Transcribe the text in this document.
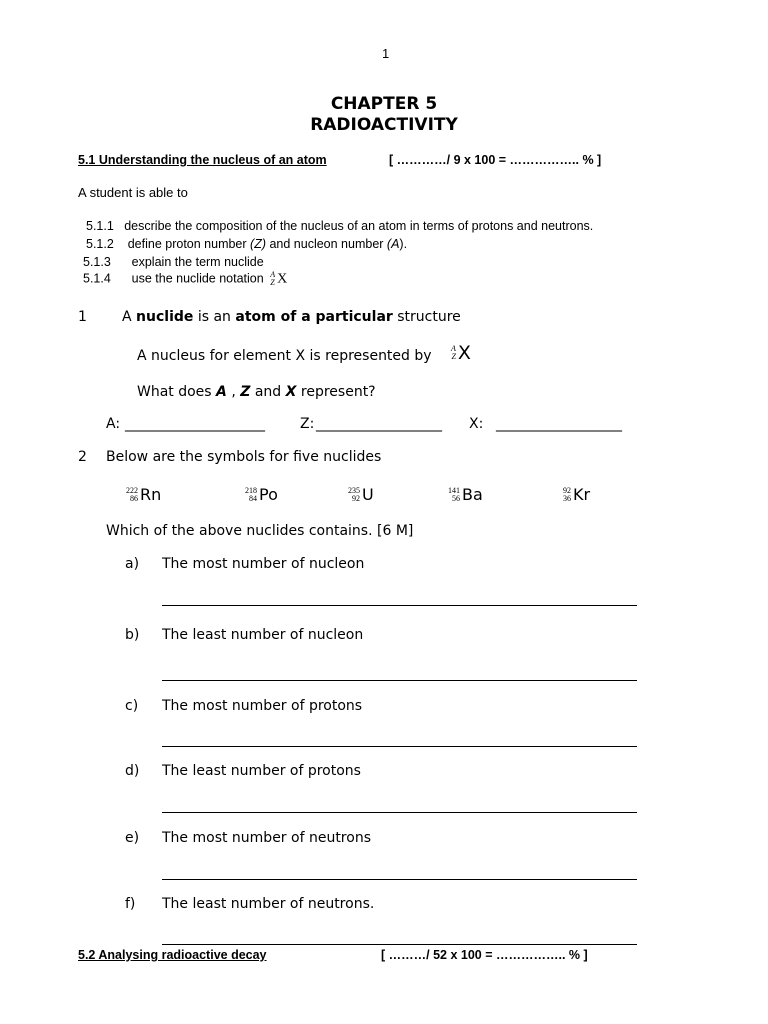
1
CHAPTER 5
RADIOACTIVITY
5.1 Understanding the nucleus of an atom	[ …………/ 9 x 100 = …………….. % ]
A student is able to
5.1.1 describe the composition of the nucleus of an atom in terms of protons and neutrons.
5.1.2 define proton number (Z) and nucleon number (A).
5.1.3 explain the term nuclide
5.1.4 use the nuclide notation A
Z X
1	A nuclide is an atom of a particular structure
A nucleus for element X is represented by A
Z X
What does A , Z and X represent?
A: ____________________	Z: __________________ X: __________________
2 Below are the symbols for five nuclides
222
86 Rn	218
84 Po	235
92 U	141
56 Ba	92
36 Kr
Which of the above nuclides contains. [6 M]
a) The most number of nucleon
b) The least number of nucleon
c) The most number of protons
d) The least number of protons
e) The most number of neutrons
f) The least number of neutrons.
5.2 Analysing radioactive decay	[ ………/ 52 x 100 = …………….. % ]
